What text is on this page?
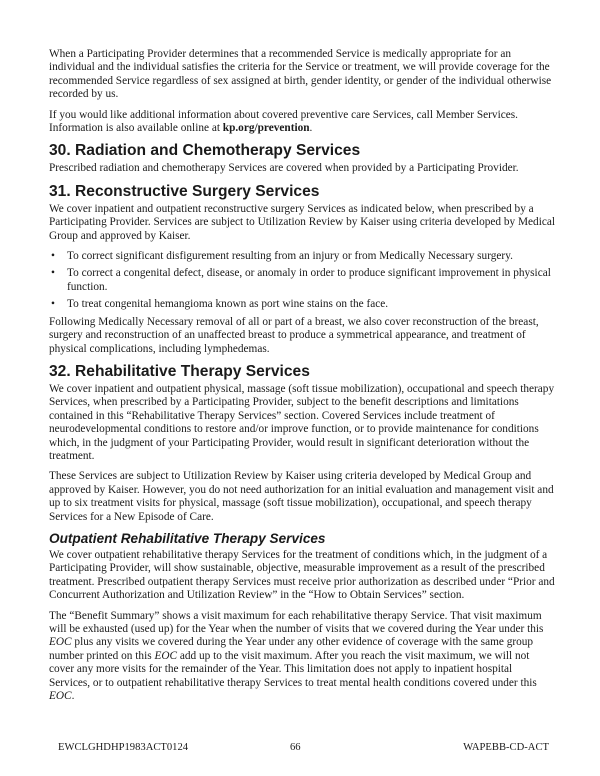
When a Participating Provider determines that a recommended Service is medically appropriate for an individual and the individual satisfies the criteria for the Service or treatment, we will provide coverage for the recommended Service regardless of sex assigned at birth, gender identity, or gender of the individual otherwise recorded by us.

If you would like additional information about covered preventive care Services, call Member Services. Information is also available online at kp.org/prevention.

30. Radiation and Chemotherapy Services

Prescribed radiation and chemotherapy Services are covered when provided by a Participating Provider.

31. Reconstructive Surgery Services

We cover inpatient and outpatient reconstructive surgery Services as indicated below, when prescribed by a Participating Provider. Services are subject to Utilization Review by Kaiser using criteria developed by Medical Group and approved by Kaiser.

• To correct significant disfigurement resulting from an injury or from Medically Necessary surgery.
• To correct a congenital defect, disease, or anomaly in order to produce significant improvement in physical function.
• To treat congenital hemangioma known as port wine stains on the face.

Following Medically Necessary removal of all or part of a breast, we also cover reconstruction of the breast, surgery and reconstruction of an unaffected breast to produce a symmetrical appearance, and treatment of physical complications, including lymphedemas.

32. Rehabilitative Therapy Services

We cover inpatient and outpatient physical, massage (soft tissue mobilization), occupational and speech therapy Services, when prescribed by a Participating Provider, subject to the benefit descriptions and limitations contained in this “Rehabilitative Therapy Services” section. Covered Services include treatment of neurodevelopmental conditions to restore and/or improve function, or to provide maintenance for conditions which, in the judgment of your Participating Provider, would result in significant deterioration without the treatment.

These Services are subject to Utilization Review by Kaiser using criteria developed by Medical Group and approved by Kaiser. However, you do not need authorization for an initial evaluation and management visit and up to six treatment visits for physical, massage (soft tissue mobilization), occupational, and speech therapy Services for a New Episode of Care.

Outpatient Rehabilitative Therapy Services

We cover outpatient rehabilitative therapy Services for the treatment of conditions which, in the judgment of a Participating Provider, will show sustainable, objective, measurable improvement as a result of the prescribed treatment. Prescribed outpatient therapy Services must receive prior authorization as described under “Prior and Concurrent Authorization and Utilization Review” in the “How to Obtain Services” section.

The “Benefit Summary” shows a visit maximum for each rehabilitative therapy Service. That visit maximum will be exhausted (used up) for the Year when the number of visits that we covered during the Year under this EOC plus any visits we covered during the Year under any other evidence of coverage with the same group number printed on this EOC add up to the visit maximum. After you reach the visit maximum, we will not cover any more visits for the remainder of the Year. This limitation does not apply to inpatient hospital Services, or to outpatient rehabilitative therapy Services to treat mental health conditions covered under this EOC.

EWCLGHDHP1983ACT0124	66	WAPEBB-CD-ACT
